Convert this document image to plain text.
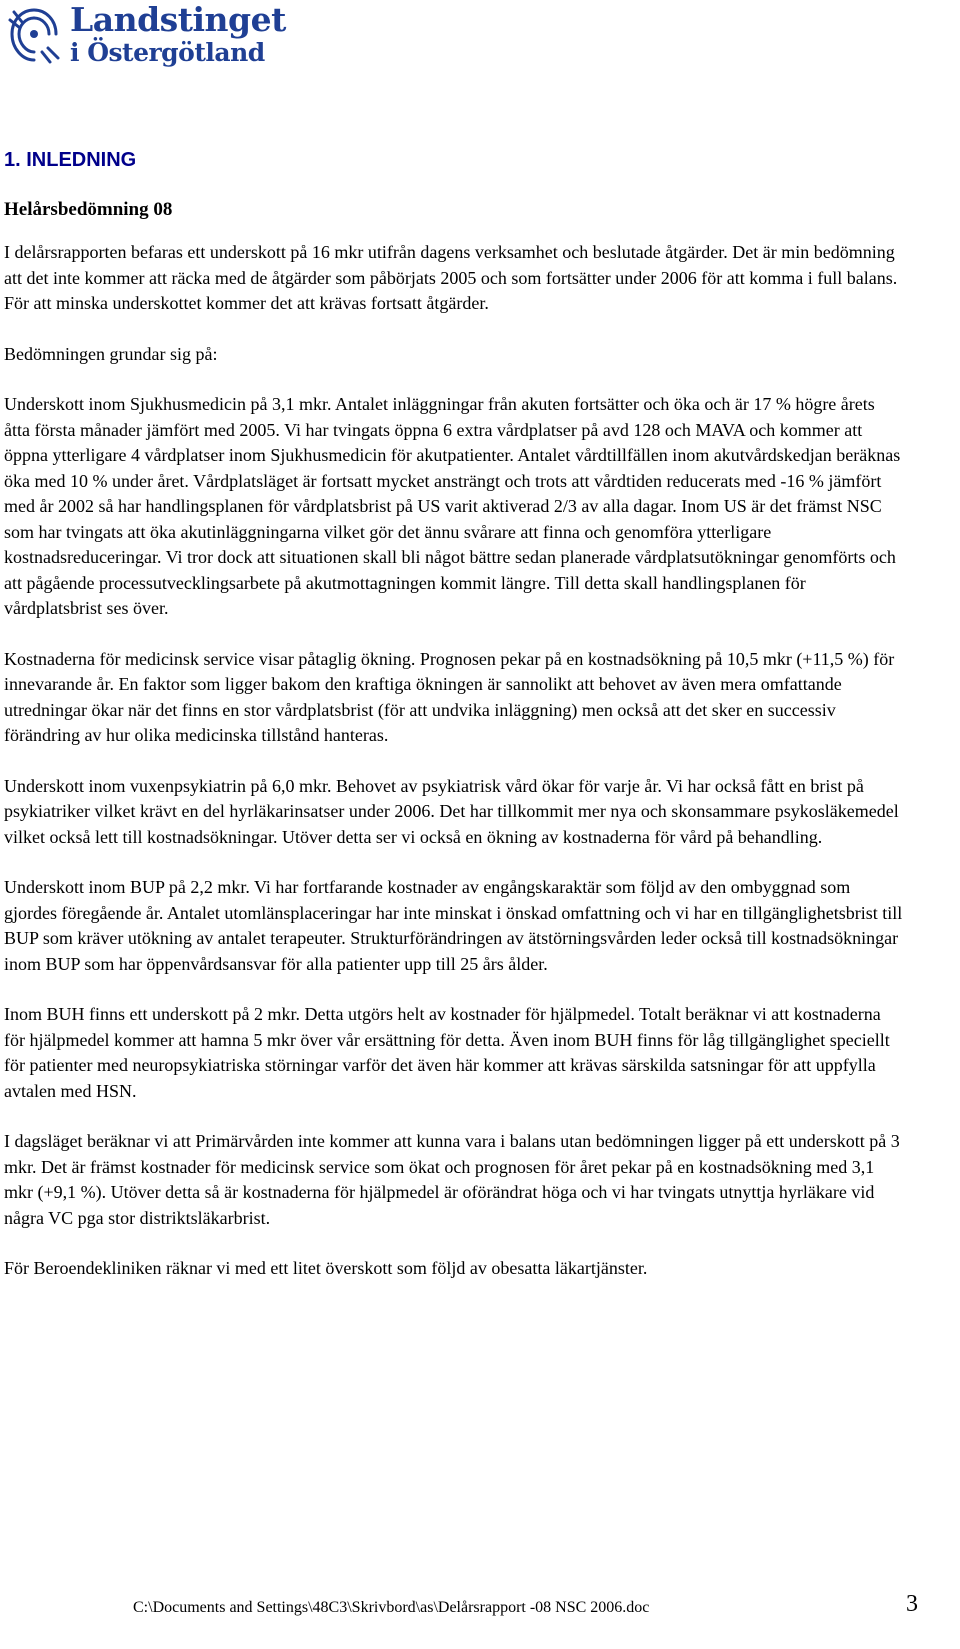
Landstinget
i Östergötland
1. INLEDNING
Helårsbedömning 08

I delårsrapporten befaras ett underskott på 16 mkr utifrån dagens verksamhet och beslutade åtgärder. Det är min bedömning att det inte kommer att räcka med de åtgärder som påbörjats 2005 och som fortsätter under 2006 för att komma i full balans. För att minska underskottet kommer det att krävas fortsatt åtgärder.

Bedömningen grundar sig på:

Underskott inom Sjukhusmedicin på 3,1 mkr. Antalet inläggningar från akuten fortsätter och öka och är 17 % högre årets åtta första månader jämfört med 2005. Vi har tvingats öppna 6 extra vårdplatser på avd 128 och MAVA och kommer att öppna ytterligare 4 vårdplatser inom Sjukhusmedicin för akutpatienter. Antalet vårdtillfällen inom akutvårdskedjan beräknas öka med 10 % under året. Vårdplatsläget är fortsatt mycket ansträngt och trots att vårdtiden reducerats med -16 % jämfört med år 2002 så har handlingsplanen för vårdplatsbrist på US varit aktiverad 2/3 av alla dagar. Inom US är det främst NSC som har tvingats att öka akutinläggningarna vilket gör det ännu svårare att finna och genomföra ytterligare kostnadsreduceringar. Vi tror dock att situationen skall bli något bättre sedan planerade vårdplatsutökningar genomförts och att pågående processutvecklingsarbete på akutmottagningen kommit längre. Till detta skall handlingsplanen för vårdplatsbrist ses över.

Kostnaderna för medicinsk service visar påtaglig ökning. Prognosen pekar på en kostnadsökning på 10,5 mkr (+11,5 %) för innevarande år. En faktor som ligger bakom den kraftiga ökningen är sannolikt att behovet av även mera omfattande utredningar ökar när det finns en stor vårdplatsbrist (för att undvika inläggning) men också att det sker en successiv förändring av hur olika medicinska tillstånd hanteras.

Underskott inom vuxenpsykiatrin på 6,0 mkr. Behovet av psykiatrisk vård ökar för varje år. Vi har också fått en brist på psykiatriker vilket krävt en del hyrläkarinsatser under 2006. Det har tillkommit mer nya och skonsammare psykosläkemedel vilket också lett till kostnadsökningar. Utöver detta ser vi också en ökning av kostnaderna för vård på behandling.

Underskott inom BUP på 2,2 mkr. Vi har fortfarande kostnader av engångskaraktär som följd av den ombyggnad som gjordes föregående år. Antalet utomlänsplaceringar har inte minskat i önskad omfattning och vi har en tillgänglighetsbrist till BUP som kräver utökning av antalet terapeuter. Strukturförändringen av ätstörningsvården leder också till kostnadsökningar inom BUP som har öppenvårdsansvar för alla patienter upp till 25 års ålder.

Inom BUH finns ett underskott på 2 mkr. Detta utgörs helt av kostnader för hjälpmedel. Totalt beräknar vi att kostnaderna för hjälpmedel kommer att hamna 5 mkr över vår ersättning för detta. Även inom BUH finns för låg tillgänglighet speciellt för patienter med neuropsykiatriska störningar varför det även här kommer att krävas särskilda satsningar för att uppfylla avtalen med HSN.

I dagsläget beräknar vi att Primärvården inte kommer att kunna vara i balans utan bedömningen ligger på ett underskott på 3 mkr. Det är främst kostnader för medicinsk service som ökat och prognosen för året pekar på en kostnadsökning med 3,1 mkr (+9,1 %). Utöver detta så är kostnaderna för hjälpmedel är oförändrat höga och vi har tvingats utnyttja hyrläkare vid några VC pga stor distriktsläkarbrist.

För Beroendekliniken räknar vi med ett litet överskott som följd av obesatta läkartjänster.

C:\Documents and Settings\48C3\Skrivbord\as\Delårsrapport -08 NSC 2006.doc	3
